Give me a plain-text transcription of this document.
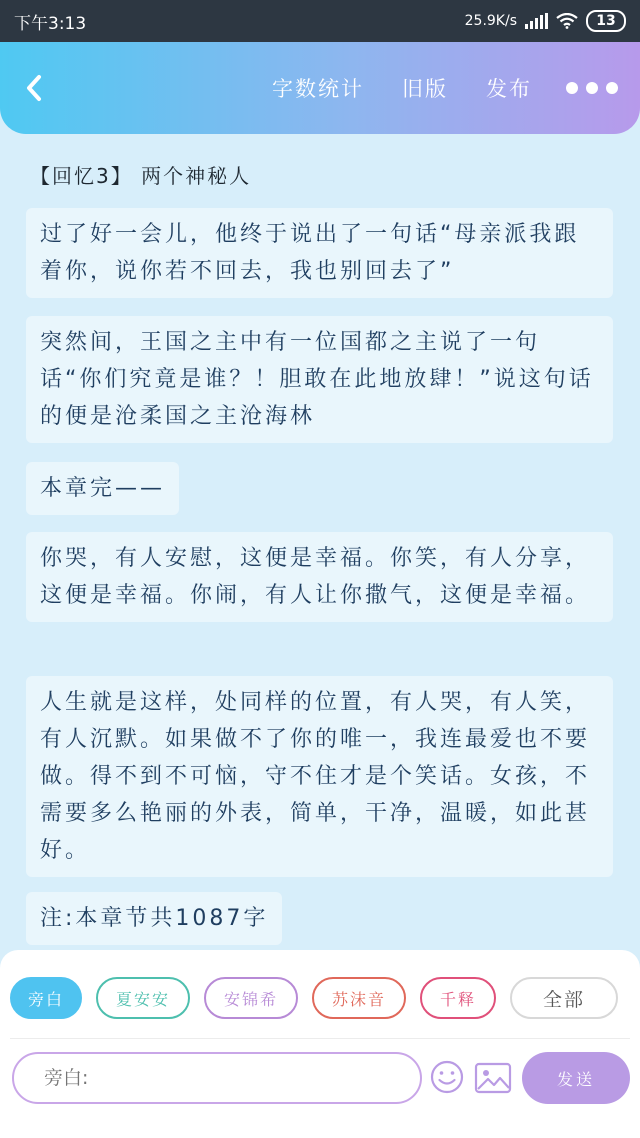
下午3:13	25.9K/s	13
字数统计 旧版 发布
【回忆3】 两个神秘人
过了好一会儿，他终于说出了一句话“母亲派我跟着你，说你若不回去，我也别回去了”
突然间，王国之主中有一位国都之主说了一句话“你们究竟是谁？！胆敢在此地放肆！”说这句话的便是沧柔国之主沧海林
本章完——
你哭，有人安慰，这便是幸福。你笑，有人分享，这便是幸福。你闹，有人让你撒气，这便是幸福。
人生就是这样，处同样的位置，有人哭，有人笑，有人沉默。如果做不了你的唯一，我连最爱也不要做。得不到不可恼，守不住才是个笑话。女孩，不需要多么艳丽的外表，简单，干净，温暖，如此甚好。
注:本章节共1087字
旁白	夏安安	安锦希	苏沫音	千释	全部
旁白:
发送
